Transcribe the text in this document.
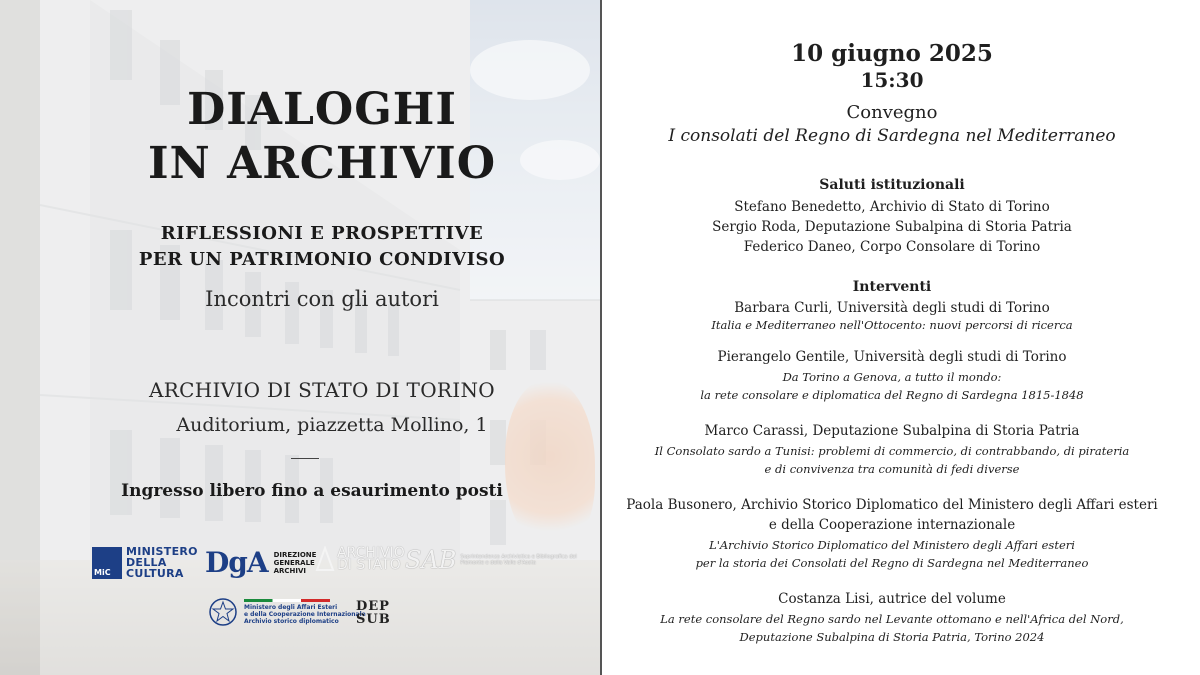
DIALOGHI
IN ARCHIVIO
RIFLESSIONI E PROSPETTIVE
PER UN PATRIMONIO CONDIVISO
Incontri con gli autori
ARCHIVIO DI STATO DI TORINO
Auditorium, piazzetta Mollino, 1
Ingresso libero fino a esaurimento posti
MiC
MINISTERO
DELLA
CULTURA DgA DIREZIONE
GENERALE
ARCHIVI
ARCHIVIO
DI STATO SAB Soprintendenza Archivistica e Bibliografica del Piemonte e della Valle d'Aosta
Ministero degli Affari Esteri
e della Cooperazione Internazionale
Archivio storico diplomatico
DEP
SUB
10 giugno 2025
15:30
Convegno
I consolati del Regno di Sardegna nel Mediterraneo
Saluti istituzionali
Stefano Benedetto, Archivio di Stato di Torino
Sergio Roda, Deputazione Subalpina di Storia Patria
Federico Daneo, Corpo Consolare di Torino
Interventi
Barbara Curli, Università degli studi di Torino
Italia e Mediterraneo nell'Ottocento: nuovi percorsi di ricerca
Pierangelo Gentile, Università degli studi di Torino
Da Torino a Genova, a tutto il mondo:
la rete consolare e diplomatica del Regno di Sardegna 1815-1848
Marco Carassi, Deputazione Subalpina di Storia Patria
Il Consolato sardo a Tunisi: problemi di commercio, di contrabbando, di pirateria
e di convivenza tra comunità di fedi diverse
Paola Busonero, Archivio Storico Diplomatico del Ministero degli Affari esteri
e della Cooperazione internazionale
L'Archivio Storico Diplomatico del Ministero degli Affari esteri
per la storia dei Consolati del Regno di Sardegna nel Mediterraneo
Costanza Lisi, autrice del volume
La rete consolare del Regno sardo nel Levante ottomano e nell'Africa del Nord,
Deputazione Subalpina di Storia Patria, Torino 2024
